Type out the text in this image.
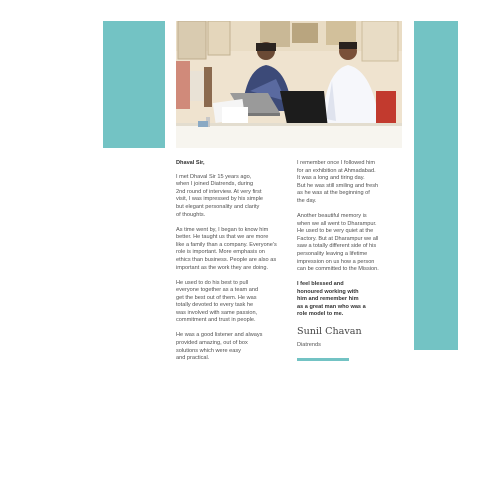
Dhaval Sir,

I met Dhaval Sir 15 years ago,
when I joined Diatrends, during
2nd round of interview. At very first
visit, I was impressed by his simple
but elegant personality and clarity
of thoughts.

As time went by, I began to know him
better. He taught us that we are more
like a family than a company. Everyone's
role is important. More emphasis on
ethics than business. People are also as
important as the work they are doing.

He used to do his best to pull
everyone together as a team and
get the best out of them. He was
totally devoted to every task he
was involved with same passion,
commitment and trust in people.

He was a good listener and always
provided amazing, out of box
solutions which were easy
and practical.

I remember once I followed him
for an exhibition at Ahmadabad.
It was a long and tiring day.
But he was still smiling and fresh
as he was at the beginning of
the day.

Another beautiful memory is
when we all went to Dharampur.
He used to be very quiet at the
Factory. But at Dharampur we all
saw a totally different side of his
personality leaving a lifetime
impression on us how a person
can be committed to the Mission.

I feel blessed and
honoured working with
him and remember him
as a great man who was a
role model to me.

Sunil Chavan

Diatrends
